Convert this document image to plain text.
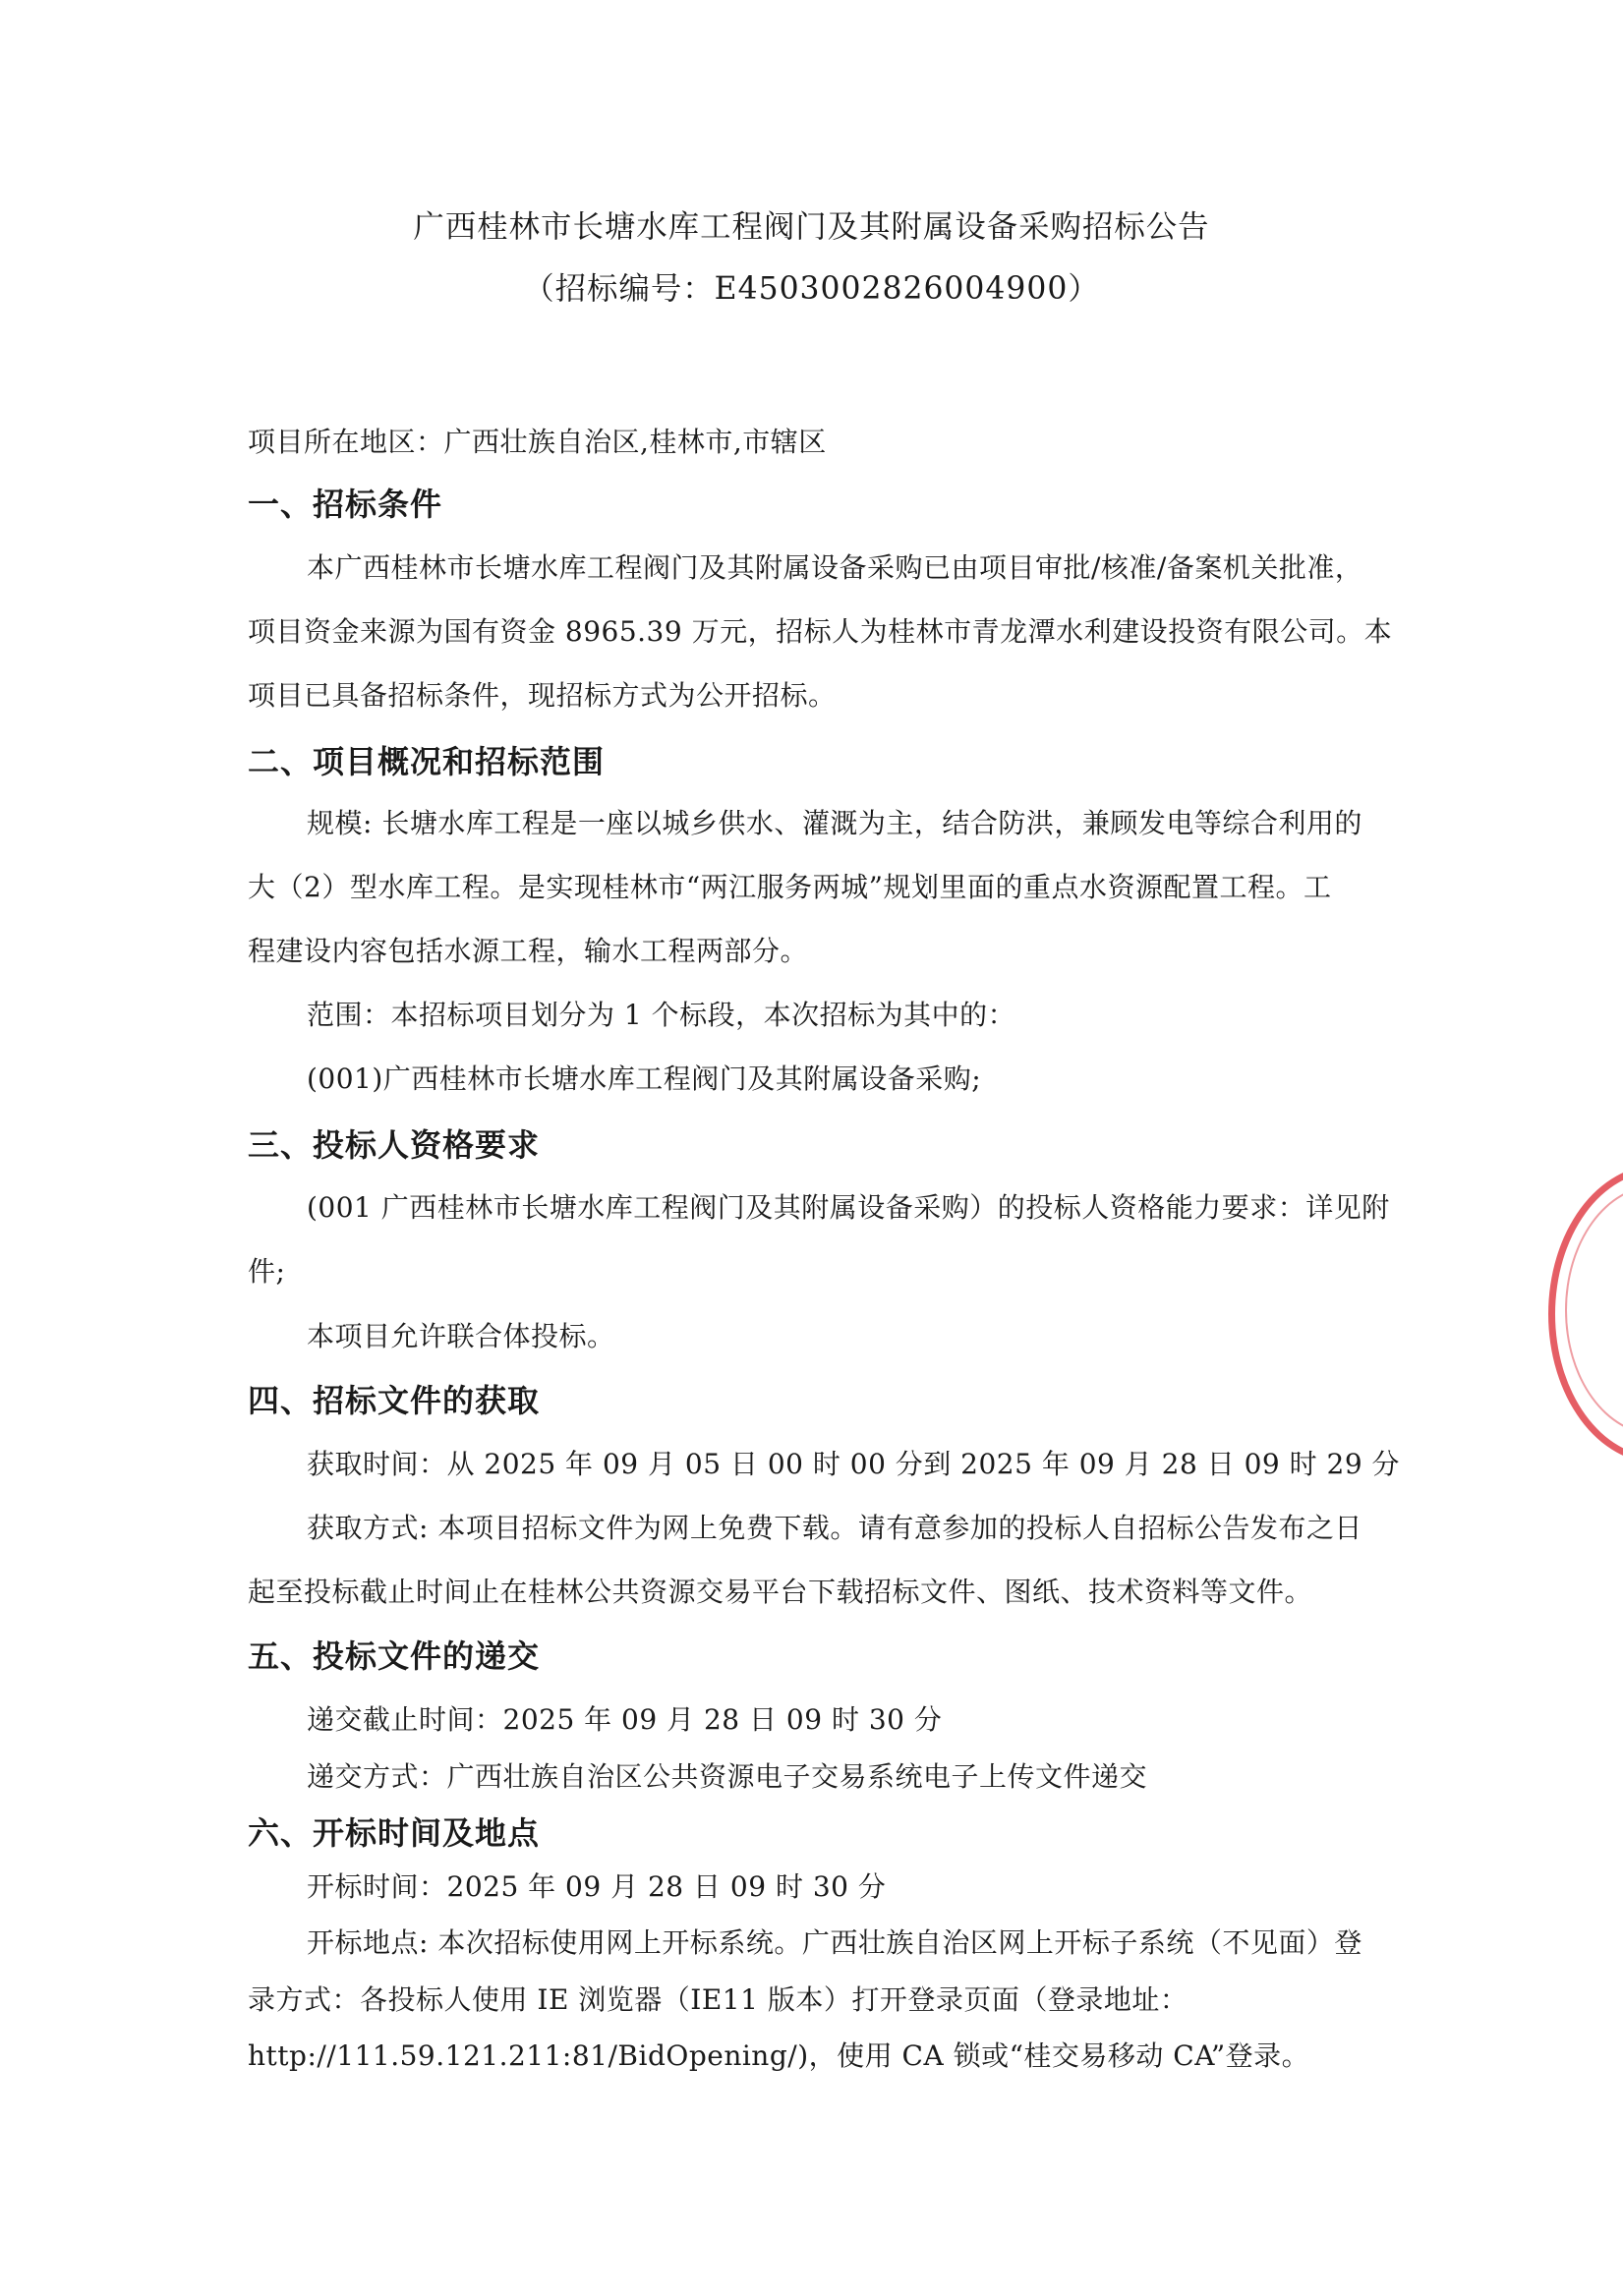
广西桂林市长塘水库工程阀门及其附属设备采购招标公告
（招标编号：E4503002826004900）
项目所在地区：广西壮族自治区,桂林市,市辖区
一、招标条件
本广西桂林市长塘水库工程阀门及其附属设备采购已由项目审批/核准/备案机关批准，
项目资金来源为国有资金 8965.39 万元，招标人为桂林市青龙潭水利建设投资有限公司。本
项目已具备招标条件，现招标方式为公开招标。
二、项目概况和招标范围
规模: 长塘水库工程是一座以城乡供水、灌溉为主，结合防洪，兼顾发电等综合利用的
大（2）型水库工程。是实现桂林市“两江服务两城”规划里面的重点水资源配置工程。工
程建设内容包括水源工程，输水工程两部分。
范围：本招标项目划分为 1 个标段，本次招标为其中的：
(001)广西桂林市长塘水库工程阀门及其附属设备采购;
三、投标人资格要求
(001 广西桂林市长塘水库工程阀门及其附属设备采购）的投标人资格能力要求：详见附
件;
本项目允许联合体投标。
四、招标文件的获取
获取时间：从 2025 年 09 月 05 日 00 时 00 分到 2025 年 09 月 28 日 09 时 29 分
获取方式: 本项目招标文件为网上免费下载。请有意参加的投标人自招标公告发布之日
起至投标截止时间止在桂林公共资源交易平台下载招标文件、图纸、技术资料等文件。
五、投标文件的递交
递交截止时间：2025 年 09 月 28 日 09 时 30 分
递交方式：广西壮族自治区公共资源电子交易系统电子上传文件递交
六、开标时间及地点
开标时间：2025 年 09 月 28 日 09 时 30 分
开标地点: 本次招标使用网上开标系统。广西壮族自治区网上开标子系统（不见面）登
录方式：各投标人使用 IE 浏览器（IE11 版本）打开登录页面（登录地址：
http://111.59.121.211:81/BidOpening/)，使用 CA 锁或“桂交易移动 CA”登录。
